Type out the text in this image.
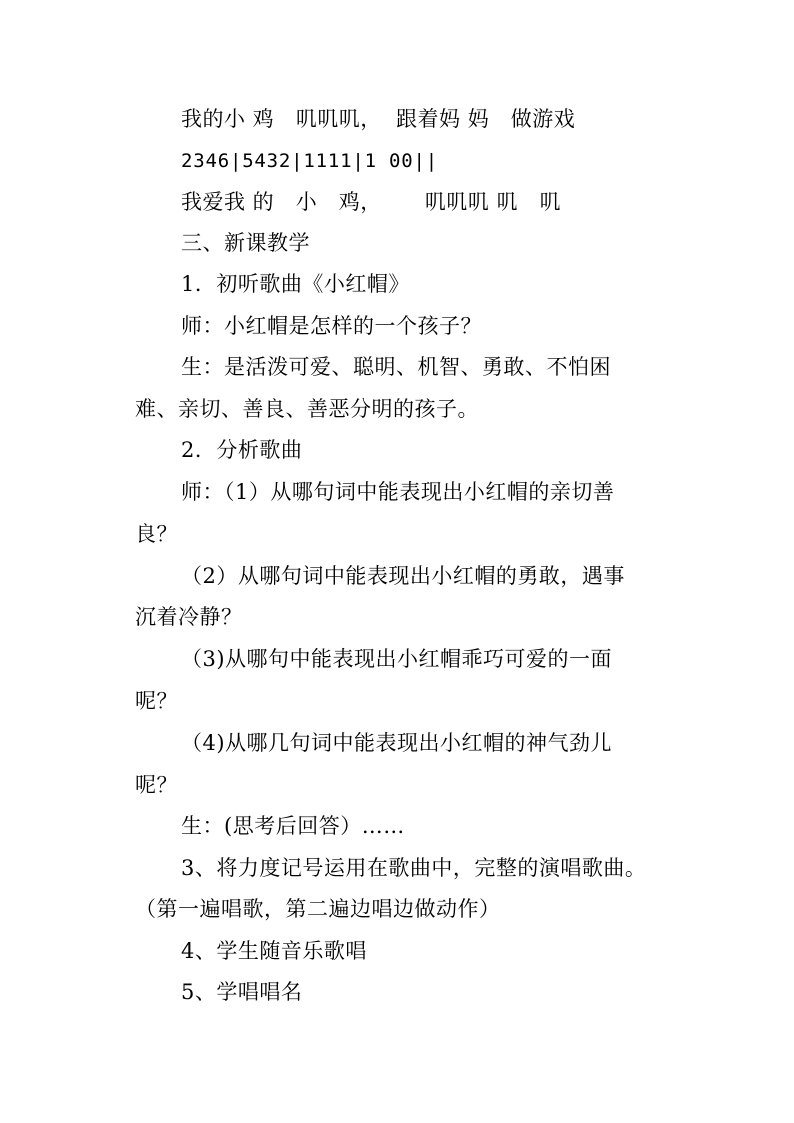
我的小 鸡   叽叽叽，  跟着妈 妈   做游戏
2346|5432|1111|1 00||
我爱我 的   小   鸡，      叽叽叽 叽   叽
三、新课教学
1．初听歌曲《小红帽》
师：小红帽是怎样的一个孩子？
生：是活泼可爱、聪明、机智、勇敢、不怕困
难、亲切、善良、善恶分明的孩子。
2．分析歌曲
师：（1）从哪句词中能表现出小红帽的亲切善
良？
（2）从哪句词中能表现出小红帽的勇敢，遇事
沉着冷静？
（3)从哪句中能表现出小红帽乖巧可爱的一面
呢？
（4)从哪几句词中能表现出小红帽的神气劲儿
呢？
生：(思考后回答）……
3、将力度记号运用在歌曲中，完整的演唱歌曲。
（第一遍唱歌，第二遍边唱边做动作）
4、学生随音乐歌唱
5、学唱唱名
